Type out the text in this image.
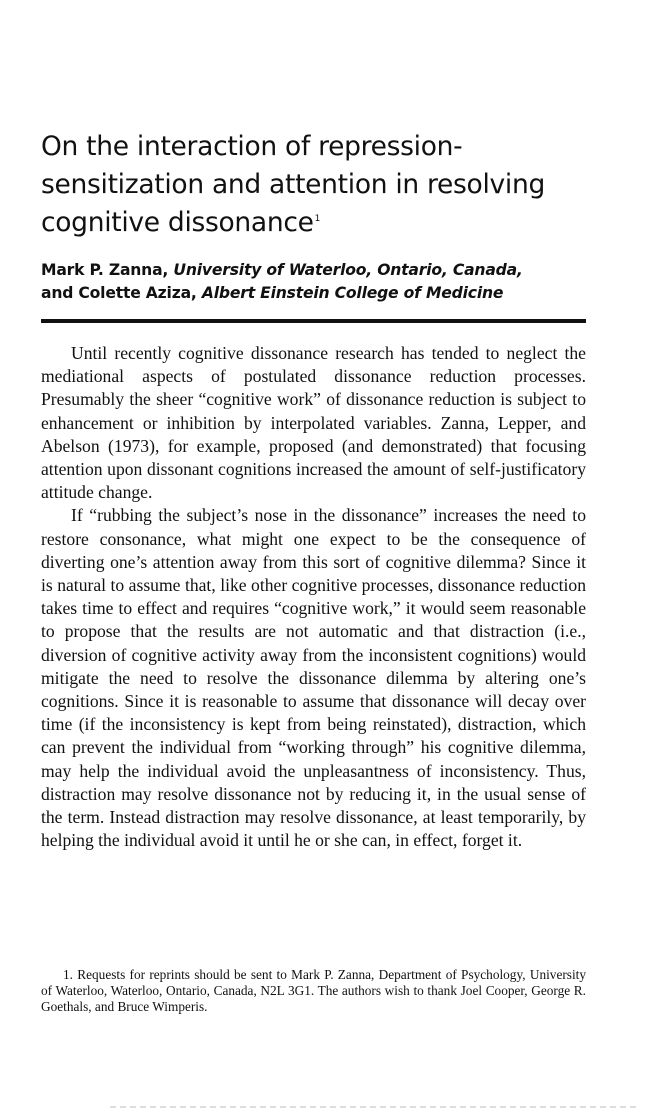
On the interaction of repression-sensitization and attention in resolving cognitive dissonance$^1$
Mark P. Zanna, University of Waterloo, Ontario, Canada,
and Colette Aziza, Albert Einstein College of Medicine

Until recently cognitive dissonance research has tended to neglect the mediational aspects of postulated dissonance reduction processes. Presumably the sheer “cognitive work” of dissonance reduction is subject to enhancement or inhibition by interpolated variables. Zanna, Lepper, and Abelson (1973), for example, proposed (and demonstrated) that focusing attention upon dissonant cognitions increased the amount of self-justificatory attitude change.

If “rubbing the subject’s nose in the dissonance” increases the need to restore consonance, what might one expect to be the consequence of diverting one’s attention away from this sort of cognitive dilemma? Since it is natural to assume that, like other cognitive processes, dissonance reduction takes time to effect and requires “cognitive work,” it would seem reasonable to propose that the results are not automatic and that distraction (i.e., diversion of cognitive activity away from the inconsistent cognitions) would mitigate the need to resolve the dissonance dilemma by altering one’s cognitions. Since it is reasonable to assume that dissonance will decay over time (if the inconsistency is kept from being reinstated), distraction, which can prevent the individual from “working through” his cognitive dilemma, may help the individual avoid the unpleasantness of inconsistency. Thus, distraction may resolve dissonance not by reducing it, in the usual sense of the term. Instead distraction may resolve dissonance, at least temporarily, by helping the individual avoid it until he or she can, in effect, forget it.

1. Requests for reprints should be sent to Mark P. Zanna, Department of Psychology, University of Waterloo, Waterloo, Ontario, Canada, N2L 3G1. The authors wish to thank Joel Cooper, George R. Goethals, and Bruce Wimperis.
